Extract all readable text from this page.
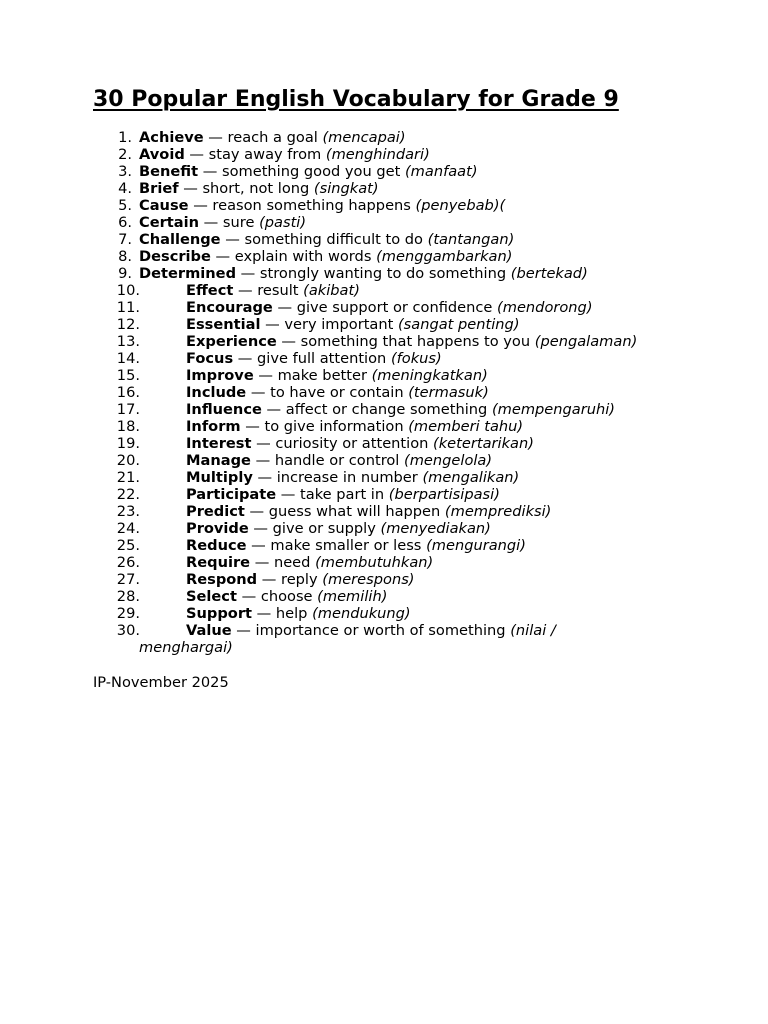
30 Popular English Vocabulary for Grade 9
1. Achieve — reach a goal (mencapai)
2. Avoid — stay away from (menghindari)
3. Benefit — something good you get (manfaat)
4. Brief — short, not long (singkat)
5. Cause — reason something happens (penyebab)(
6. Certain — sure (pasti)
7. Challenge — something difficult to do (tantangan)
8. Describe — explain with words (menggambarkan)
9. Determined — strongly wanting to do something (bertekad)
10.	Effect — result (akibat)
11.	Encourage — give support or confidence (mendorong)
12.	Essential — very important (sangat penting)
13.	Experience — something that happens to you (pengalaman)
14.	Focus — give full attention (fokus)
15.	Improve — make better (meningkatkan)
16.	Include — to have or contain (termasuk)
17.	Influence — affect or change something (mempengaruhi)
18.	Inform — to give information (memberi tahu)
19.	Interest — curiosity or attention (ketertarikan)
20.	Manage — handle or control (mengelola)
21.	Multiply — increase in number (mengalikan)
22.	Participate — take part in (berpartisipasi)
23.	Predict — guess what will happen (memprediksi)
24.	Provide — give or supply (menyediakan)
25.	Reduce — make smaller or less (mengurangi)
26.	Require — need (membutuhkan)
27.	Respond — reply (merespons)
28.	Select — choose (memilih)
29.	Support — help (mendukung)
30.	Value — importance or worth of something (nilai /
menghargai)
IP-November 2025
